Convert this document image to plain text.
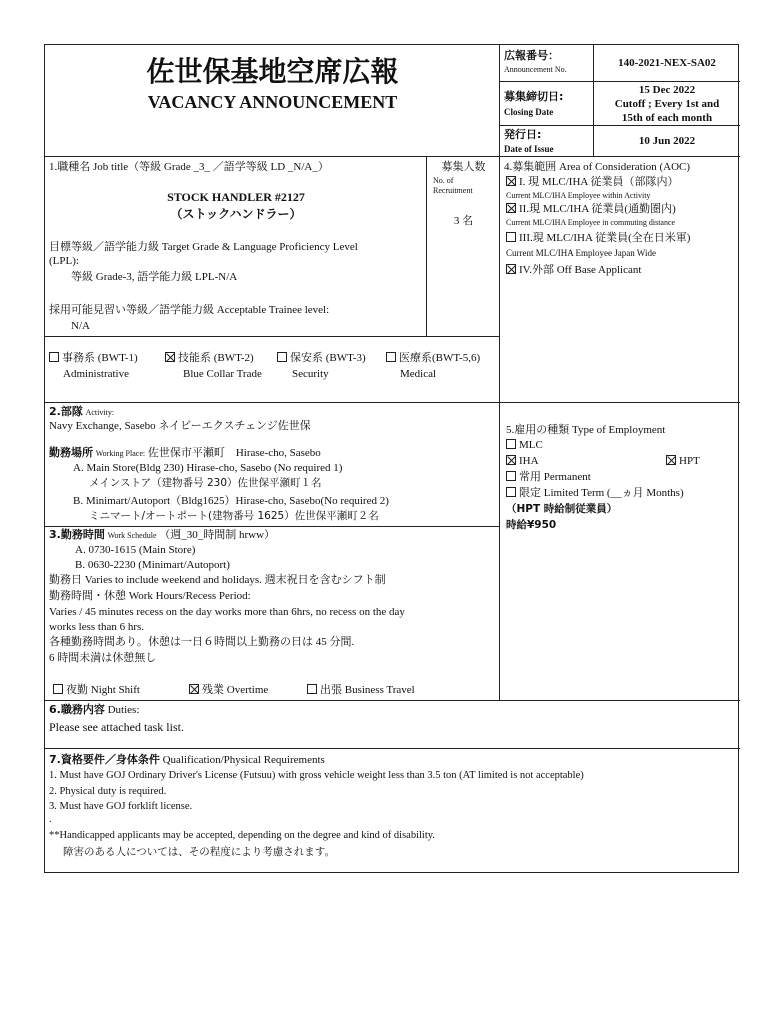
佐世保基地空席広報
VACANCY ANNOUNCEMENT
広報番号：
Announcement No.
140-2021-NEX-SA02
募集締切日:
Closing Date
15 Dec 2022
Cutoff ; Every 1st and
15th of each month
発行日:
Date of Issue
10 Jun 2022
1.職種名 Job title（等級 Grade _3_ ／語学等級 LD _N/A_）
STOCK HANDLER #2127
（ストックハンドラー）
目標等級／語学能力級 Target Grade & Language Proficiency Level
(LPL):
等級 Grade-3, 語学能力級 LPL-N/A
採用可能見習い等級／語学能力級 Acceptable Trainee level:
N/A
募集人数
No. of
Recruitment
3 名
4.募集範囲 Area of Consideration (AOC)
I. 現 MLC/IHA 従業員（部隊内）
Current MLC/IHA Employee within Activity
II.現 MLC/IHA 従業員(通勤圏内)
Current MLC/IHA Employee in commuting distance
III.現 MLC/IHA 従業員(全在日米軍)
Current MLC/IHA Employee Japan Wide
IV.外部 Off Base Applicant
事務系 (BWT-1)
Administrative
技能系 (BWT-2)
Blue Collar Trade
保安系 (BWT-3)
Security
医療系(BWT-5,6)
Medical
2.部隊 Activity:
Navy Exchange, Sasebo ネイビーエクスチェンジ佐世保
勤務場所 Working Place: 佐世保市平瀬町　Hirase-cho, Sasebo
A. Main Store(Bldg 230) Hirase-cho, Sasebo (No required 1)
メインストア（建物番号 230）佐世保平瀬町１名
B. Minimart/Autoport（Bldg1625）Hirase-cho, Sasebo(No required 2)
ミニマート/オートポート(建物番号 1625）佐世保平瀬町２名
5.雇用の種類 Type of Employment
MLC
IHA	HPT
常用 Permanent
限定 Limited Term (__ヵ月 Months)
（HPT 時給制従業員）
時給¥950
3.勤務時間 Work Schedule （週_30_時間制 hrww）
A. 0730-1615 (Main Store)
B. 0630-2230 (Minimart/Autoport)
勤務日 Varies to include weekend and holidays. 週末祝日を含むシフト制
勤務時間・休憩 Work Hours/Recess Period:
Varies / 45 minutes recess on the day works more than 6hrs, no recess on the day
works less than 6 hrs.
各種勤務時間あり。休憩は一日６時間以上勤務の日は 45 分間.
6 時間未満は休憩無し
夜勤 Night Shift	残業 Overtime	出張 Business Travel
6.職務内容 Duties:
Please see attached task list.
7.資格要件／身体条件 Qualification/Physical Requirements
1. Must have GOJ Ordinary Driver's License (Futsuu) with gross vehicle weight less than 3.5 ton (AT limited is not acceptable)
2. Physical duty is required.
3. Must have GOJ forklift license.
.
**Handicapped applicants may be accepted, depending on the degree and kind of disability.
障害のある人については、その程度により考慮されます。
